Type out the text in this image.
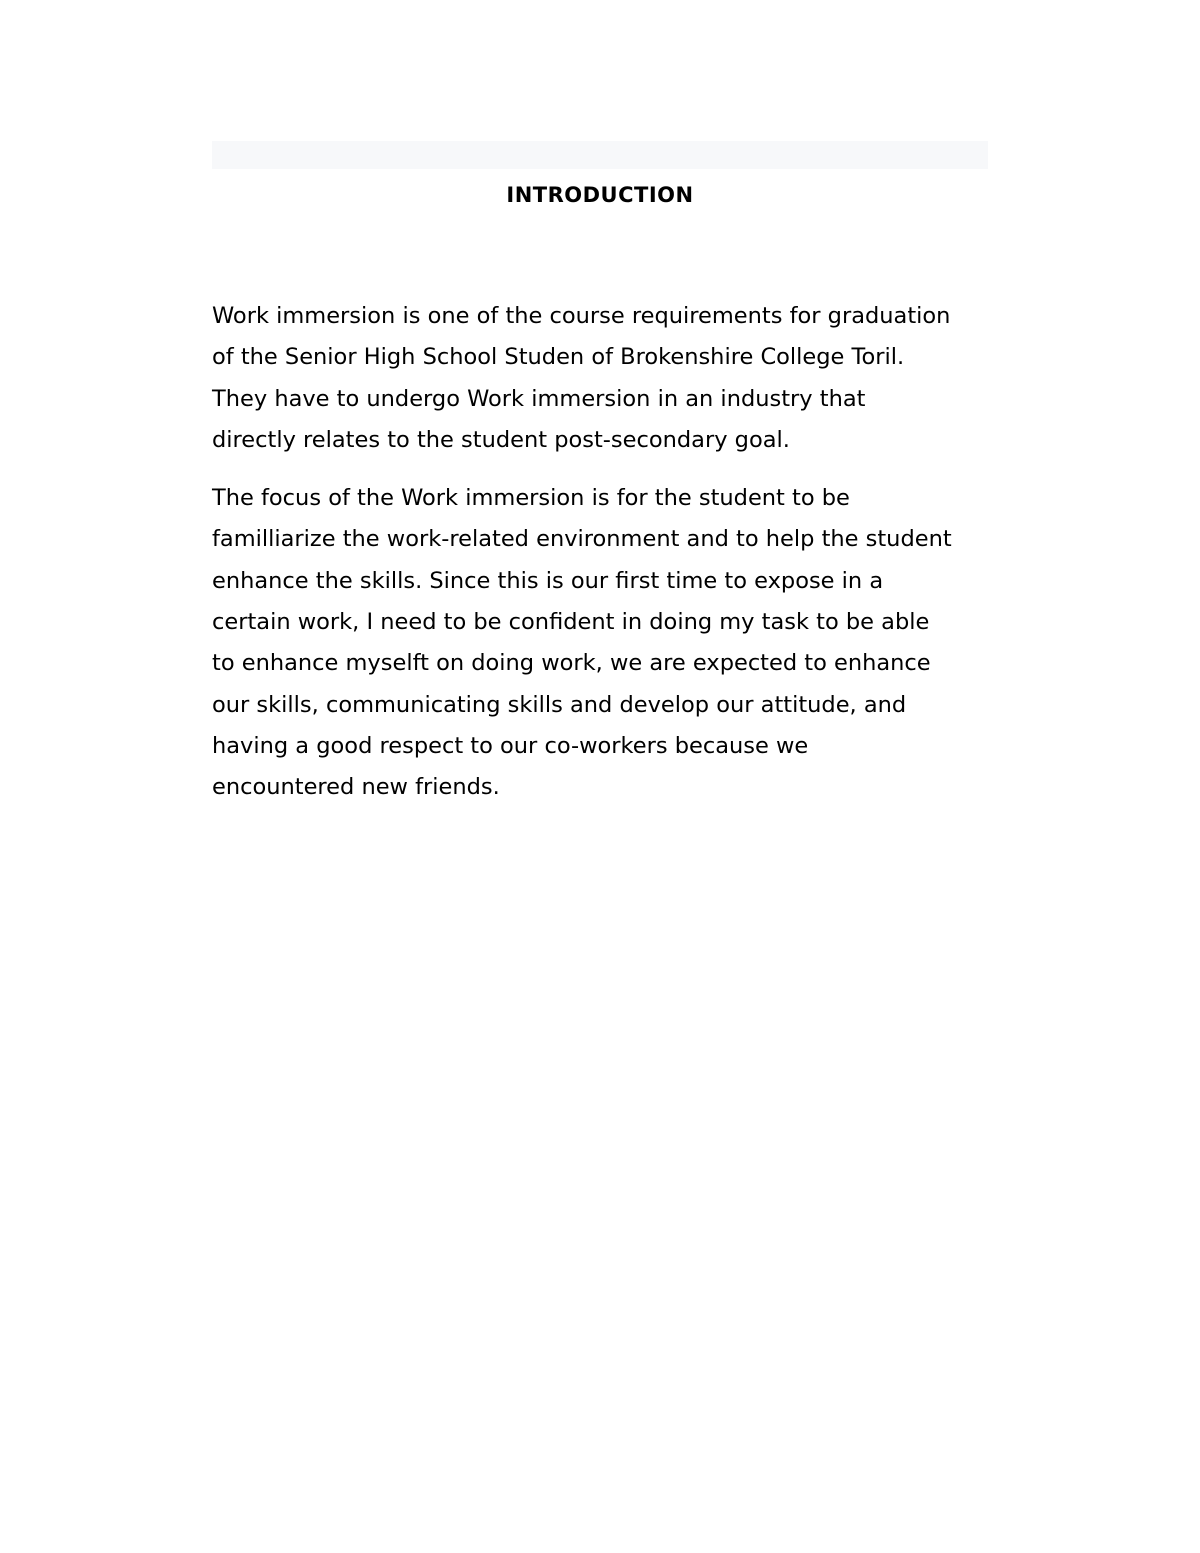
INTRODUCTION

Work immersion is one of the course requirements for graduation
of the Senior High School Studen of Brokenshire College Toril.
They have to undergo Work immersion in an industry that
directly relates to the student post-secondary goal.

The focus of the Work immersion is for the student to be
familliarize the work-related environment and to help the student
enhance the skills. Since this is our first time to expose in a
certain work, I need to be confident in doing my task to be able
to enhance myselft on doing work, we are expected to enhance
our skills, communicating skills and develop our attitude, and
having a good respect to our co-workers because we
encountered new friends.
